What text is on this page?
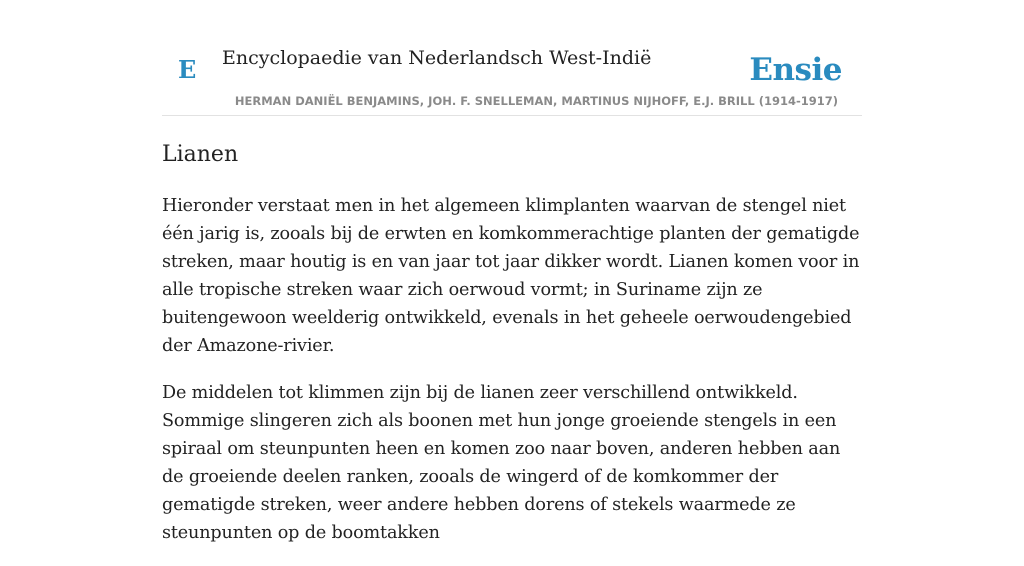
E Encyclopaedie van Nederlandsch West-Indië	Ensie
HERMAN DANIËL BENJAMINS, JOH. F. SNELLEMAN, MARTINUS NIJHOFF, E.J. BRILL (1914-1917)
Lianen

Hieronder verstaat men in het algemeen klimplanten waarvan de stengel niet één jarig is, zooals bij de erwten en komkommerachtige planten der gematigde streken, maar houtig is en van jaar tot jaar dikker wordt. Lianen komen voor in alle tropische streken waar zich oerwoud vormt; in Suriname zijn ze buitengewoon weelderig ontwikkeld, evenals in het geheele oerwoudengebied der Amazone-rivier.

De middelen tot klimmen zijn bij de lianen zeer verschillend ontwikkeld. Sommige slingeren zich als boonen met hun jonge groeiende stengels in een spiraal om steunpunten heen en komen zoo naar boven, anderen hebben aan de groeiende deelen ranken, zooals de wingerd of de komkommer der gematigde streken, weer andere hebben dorens of stekels waarmede ze steunpunten op de boomtakken
